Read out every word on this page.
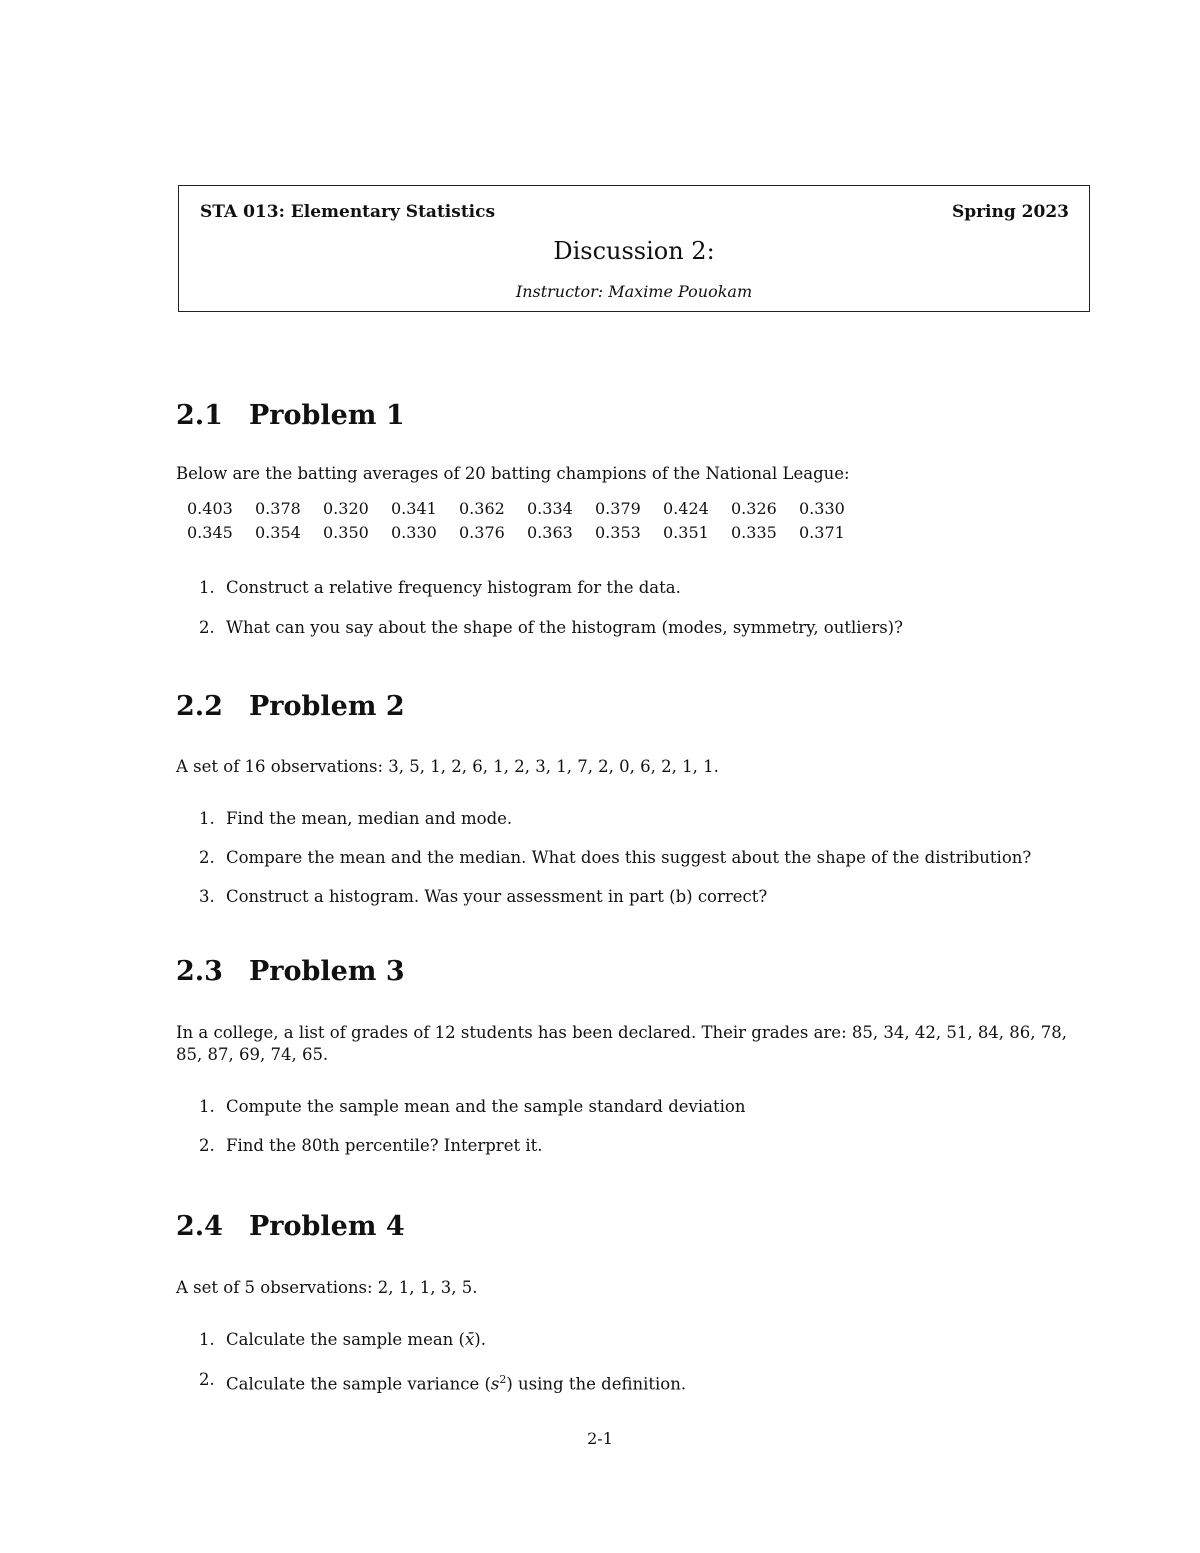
STA 013: Elementary Statistics	Spring 2023
Discussion 2:
Instructor: Maxime Pouokam
2.1 Problem 1

Below are the batting averages of 20 batting champions of the National League:

0.403	0.378	0.320	0.341	0.362	0.334	0.379	0.424	0.326	0.330
0.345	0.354	0.350	0.330	0.376	0.363	0.353	0.351	0.335	0.371
1. Construct a relative frequency histogram for the data.
2. What can you say about the shape of the histogram (modes, symmetry, outliers)?
2.2 Problem 2

A set of 16 observations: 3, 5, 1, 2, 6, 1, 2, 3, 1, 7, 2, 0, 6, 2, 1, 1.

1. Find the mean, median and mode.
2. Compare the mean and the median. What does this suggest about the shape of the distribution?
3. Construct a histogram. Was your assessment in part (b) correct?
2.3 Problem 3

In a college, a list of grades of 12 students has been declared. Their grades are: 85, 34, 42, 51, 84, 86, 78,

85, 87, 69, 74, 65.

1. Compute the sample mean and the sample standard deviation
2. Find the 80th percentile? Interpret it.
2.4 Problem 4

A set of 5 observations: 2, 1, 1, 3, 5.

1. Calculate the sample mean (x̄).
2. Calculate the sample variance $(s^2)$ using the definition.
2-1
